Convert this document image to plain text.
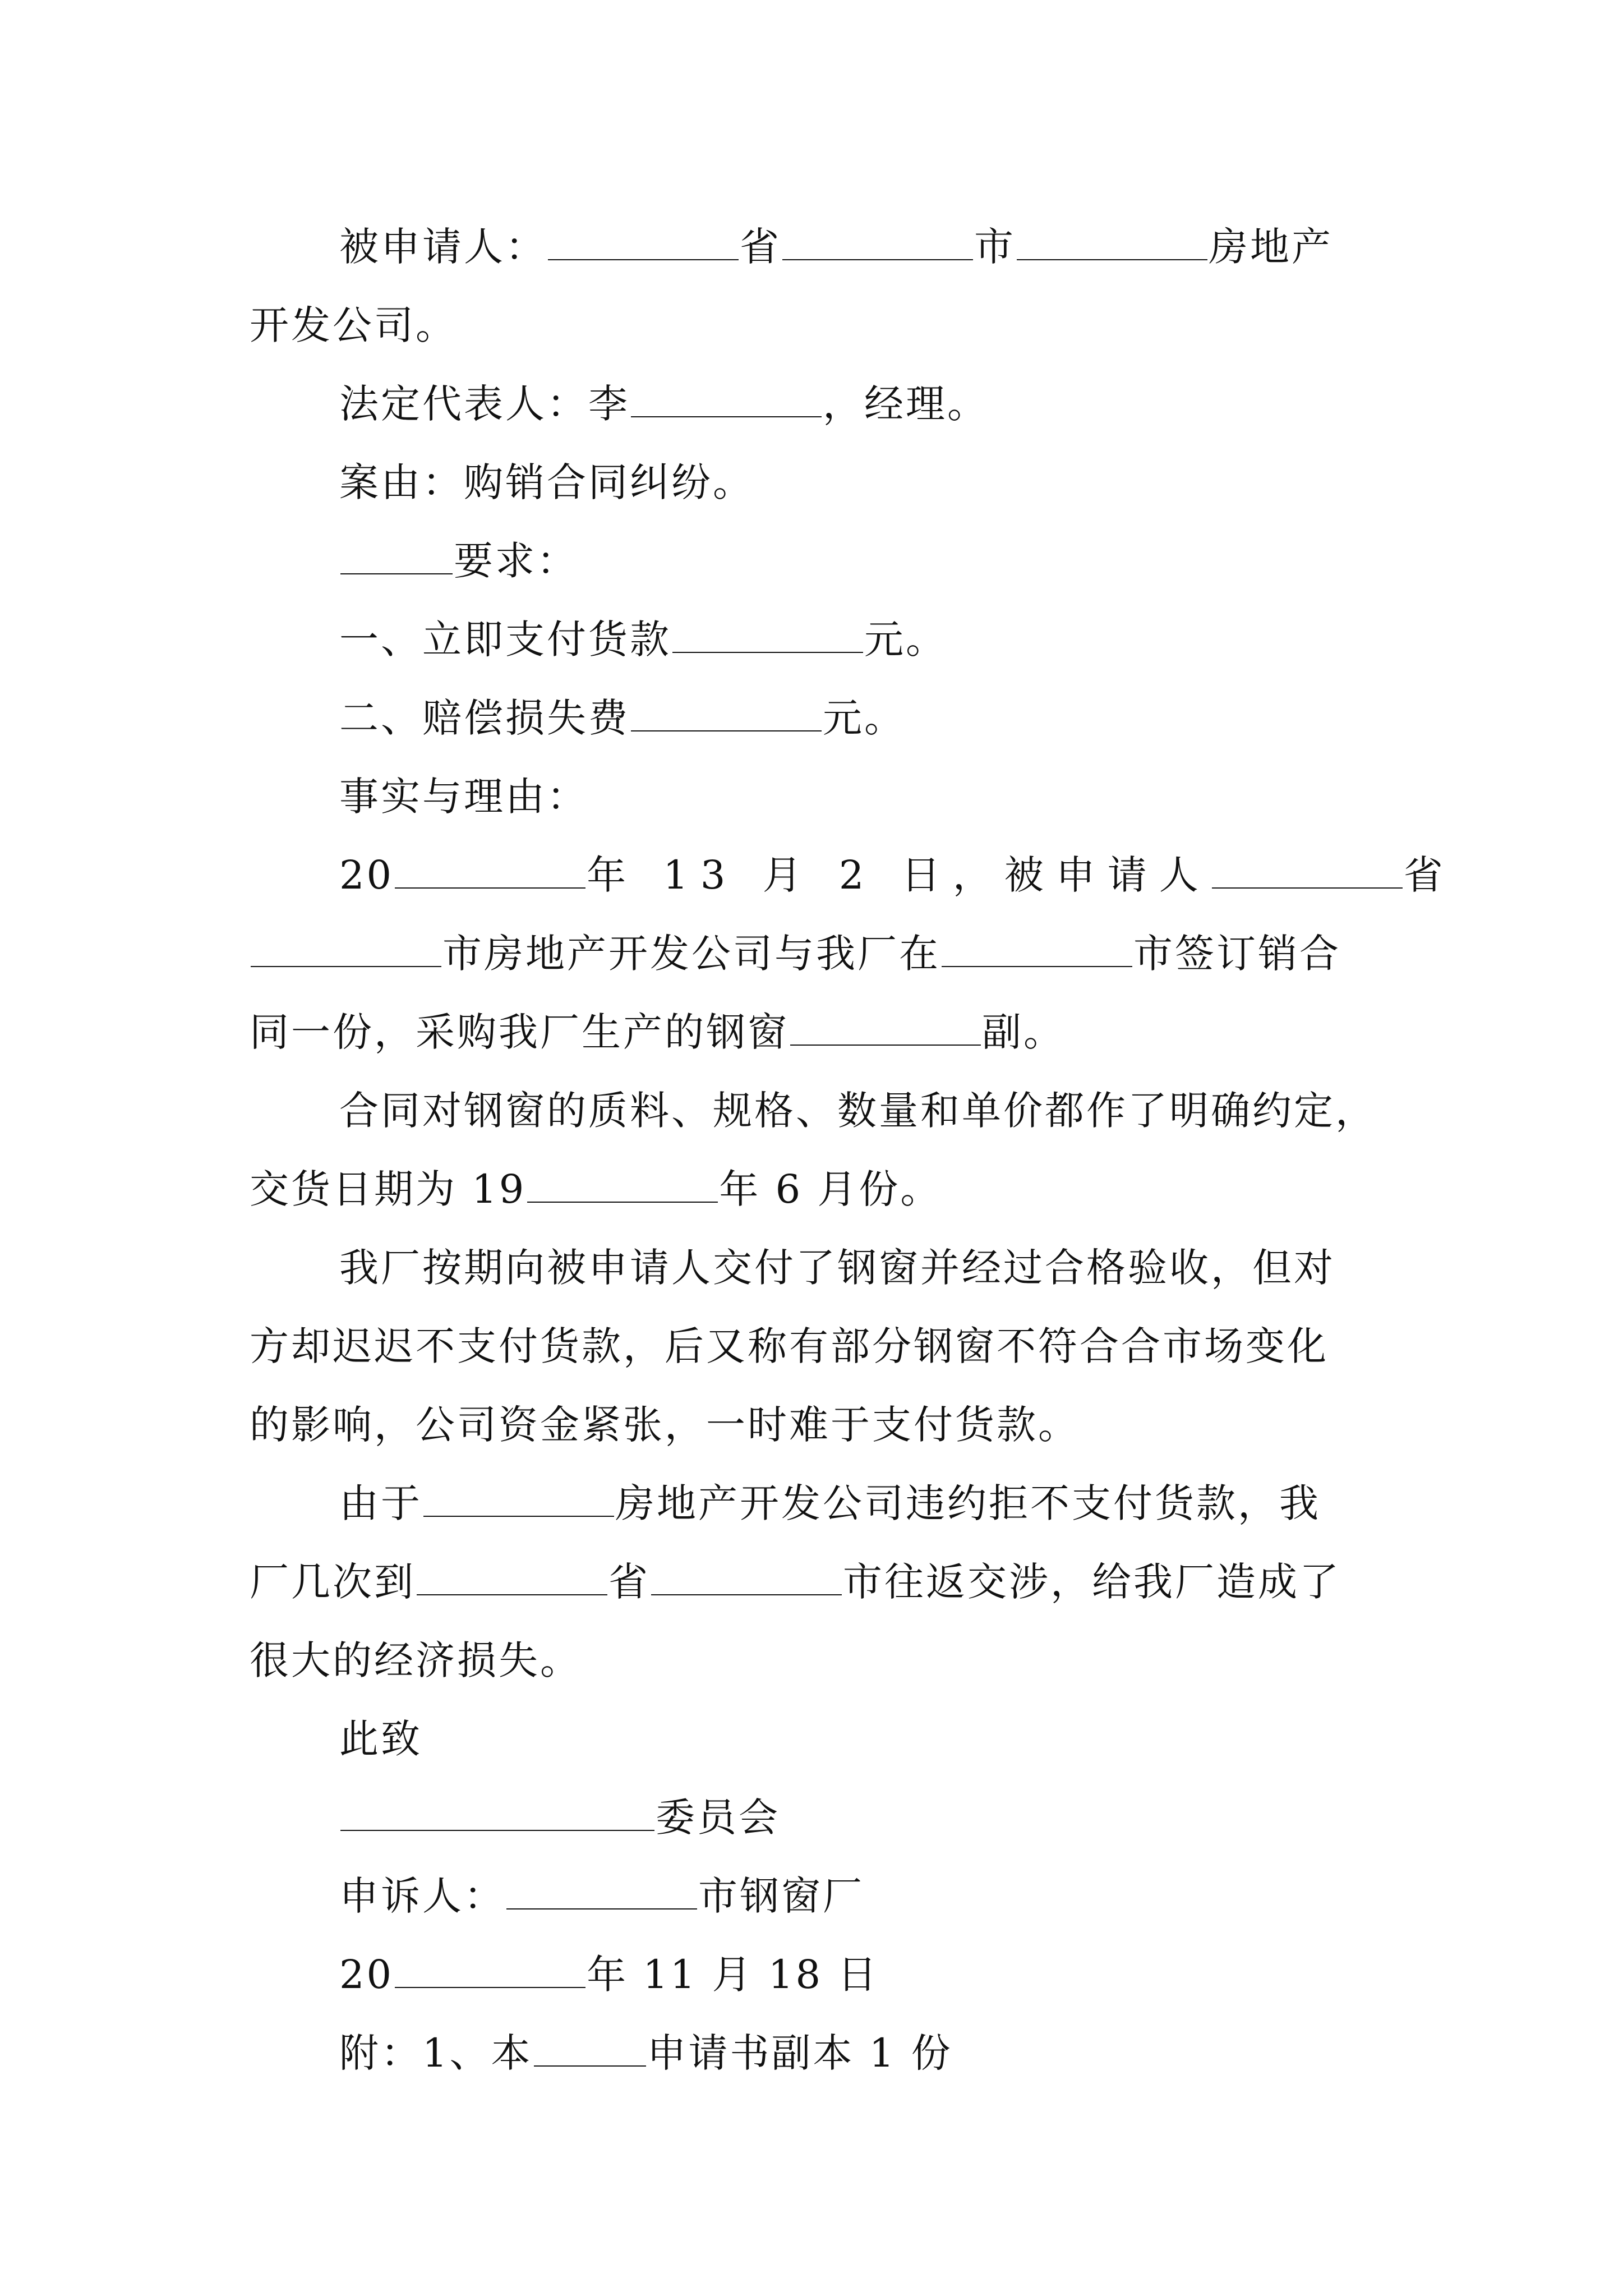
被申请人：	省	市	房地产

开发公司。

法定代表人：李	，经理。

案由：购销合同纠纷。

要求：

一、立即支付货款	元。

二、赔偿损失费	元。

事实与理由：

20	年 13 月 2 日，被申请人	省

市房地产开发公司与我厂在	市签订销合

同一份，采购我厂生产的钢窗	副。

合同对钢窗的质料、规格、数量和单价都作了明确约定，

交货日期为 19	年 6 月份。

我厂按期向被申请人交付了钢窗并经过合格验收，但对

方却迟迟不支付货款，后又称有部分钢窗不符合合市场变化

的影响，公司资金紧张，一时难于支付货款。

由于	房地产开发公司违约拒不支付货款，我

厂几次到	省	市往返交涉，给我厂造成了

很大的经济损失。

此致

委员会

申诉人：	市钢窗厂

20	年 11 月 18 日

附：1、本	申请书副本 1 份
